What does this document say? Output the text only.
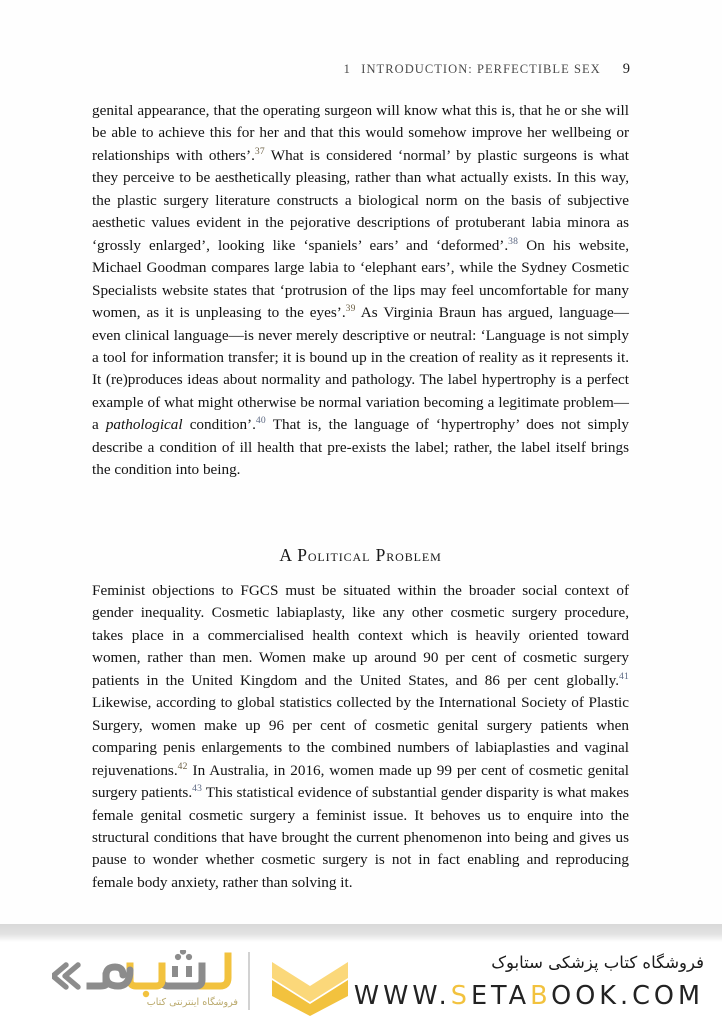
1 INTRODUCTION: PERFECTIBLE SEX 9

genital appearance, that the operating surgeon will know what this is, that he or she will be able to achieve this for her and that this would somehow improve her wellbeing or relationships with others’.$^{37}$ What is considered ‘normal’ by plastic surgeons is what they perceive to be aesthetically pleasing, rather than what actually exists. In this way, the plastic surgery literature constructs a biological norm on the basis of subjective aesthetic values evident in the pejorative descriptions of protuberant labia minora as ‘grossly enlarged’, looking like ‘spaniels’ ears’ and ‘deformed’.$^{38}$ On his website, Michael Goodman compares large labia to ‘elephant ears’, while the Sydney Cosmetic Specialists website states that ‘protrusion of the lips may feel uncomfortable for many women, as it is unpleasing to the eyes’.$^{39}$ As Virginia Braun has argued, language—even clinical language—is never merely descriptive or neutral: ‘Language is not simply a tool for information transfer; it is bound up in the creation of reality as it represents it. It (re)produces ideas about normality and pathology. The label hypertrophy is a perfect example of what might otherwise be normal variation becoming a legitimate problem—a pathological condition’.$^{40}$ That is, the language of ‘hypertrophy’ does not simply describe a condition of ill health that pre-exists the label; rather, the label itself brings the condition into being.

A Political Problem

Feminist objections to FGCS must be situated within the broader social context of gender inequality. Cosmetic labiaplasty, like any other cosmetic surgery procedure, takes place in a commercialised health context which is heavily oriented toward women, rather than men. Women make up around 90 per cent of cosmetic surgery patients in the United Kingdom and the United States, and 86 per cent globally.$^{41}$ Likewise, according to global statistics collected by the International Society of Plastic Surgery, women make up 96 per cent of cosmetic genital surgery patients when comparing penis enlargements to the combined numbers of labiaplasties and vaginal rejuvenations.$^{42}$ In Australia, in 2016, women made up 99 per cent of cosmetic genital surgery patients.$^{43}$ This statistical evidence of substantial gender disparity is what makes female genital cosmetic surgery a feminist issue. It behoves us to enquire into the structural conditions that have brought the current phenomenon into being and gives us pause to wonder whether cosmetic surgery is not in fact enabling and reproducing female body anxiety, rather than solving it.

فروشگاه اینترنتی کتاب
فروشگاه کتاب پزشکی ستابوک
WWW.SETABOOK.COM
